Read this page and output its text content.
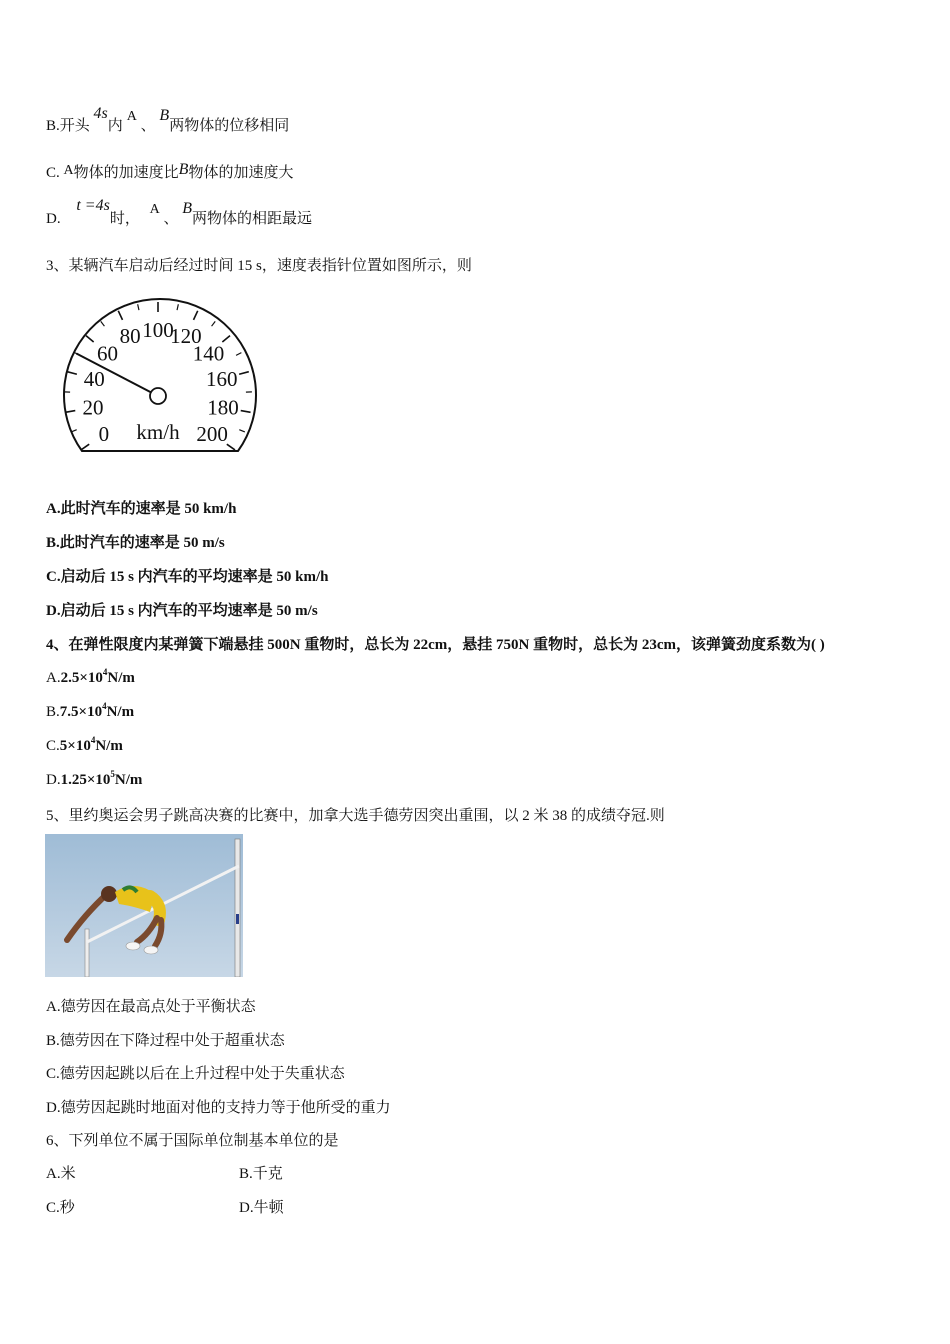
B.开头 4s内A 、 B两物体的位移相同
C. A物体的加速度比B物体的加速度大
D. t =4s时， A 、 B两物体的相距最远
3、某辆汽车启动后经过时间 15 s，速度表指针位置如图所示，则
0
20
40
60
80 100
120
140
160
180
200
km/h
A.此时汽车的速率是 50 km/h
B.此时汽车的速率是 50 m/s
C.启动后 15 s 内汽车的平均速率是 50 km/h
D.启动后 15 s 内汽车的平均速率是 50 m/s
4、在弹性限度内某弹簧下端悬挂 500N 重物时，总长为 22cm，悬挂 750N 重物时，总长为 23cm，该弹簧劲度系数为( )
$A.2.5\times 10^4N/m$
$B.7.5\times 10^4N/m$
$C.5\times 10^4N/m$
$D.1.25\times 10^5N/m$
5、里约奥运会男子跳高决赛的比赛中，加拿大选手德劳因突出重围，以 2 米 38 的成绩夺冠.则
A.德劳因在最高点处于平衡状态
B.德劳因在下降过程中处于超重状态
C.德劳因起跳以后在上升过程中处于失重状态
D.德劳因起跳时地面对他的支持力等于他所受的重力
6、下列单位不属于国际单位制基本单位的是
A.米	B.千克
C.秒	D.牛顿
